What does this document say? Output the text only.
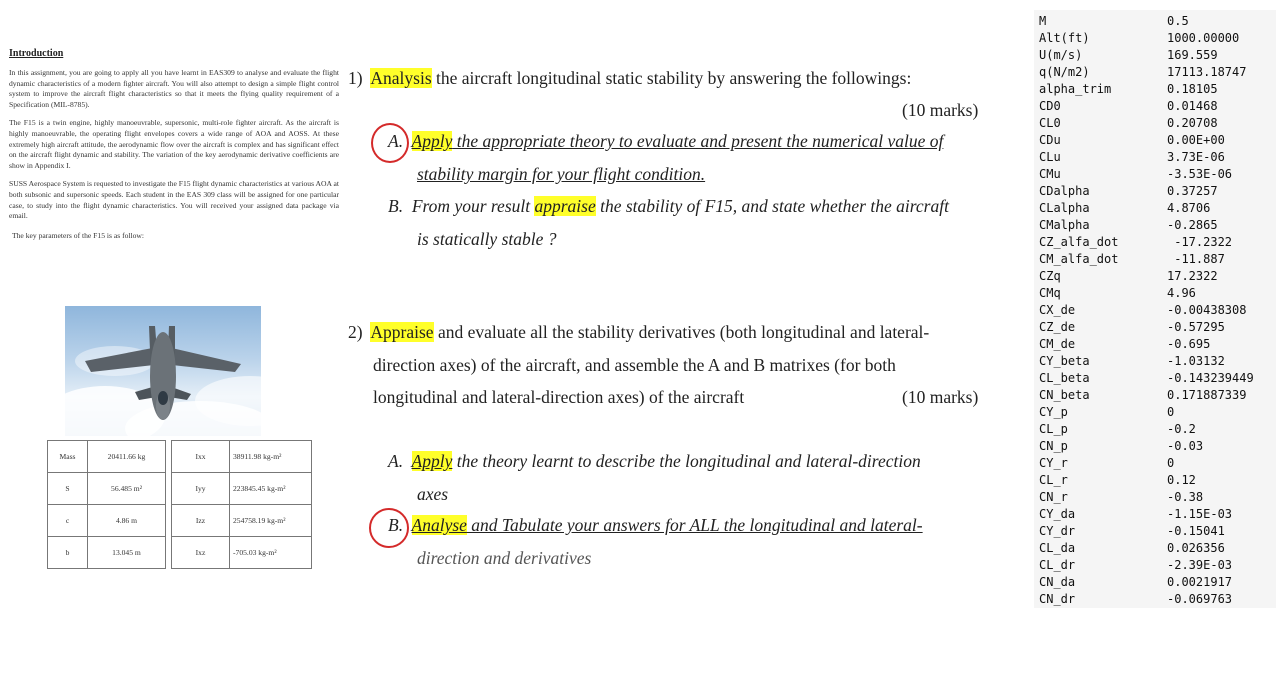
Introduction

In this assignment, you are going to apply all you have learnt in EAS309 to analyse and evaluate the flight dynamic characteristics of a modern fighter aircraft. You will also attempt to design a simple flight control system to improve the aircraft flight characteristics so that it meets the flying quality requirement of a Specification (MIL-8785).

The F15 is a twin engine, highly manoeuvrable, supersonic, multi-role fighter aircraft. As the aircraft is highly manoeuvrable, the operating flight envelopes covers a wide range of AOA and AOSS. At these extremely high aircraft attitude, the aerodynamic flow over the aircraft is complex and has significant effect on the aircraft flight dynamic and stability. The variation of the key aerodynamic derivative coefficients are show in Appendix I.

SUSS Aerospace System is requested to investigate the F15 flight dynamic characteristics at various AOA at both subsonic and supersonic speeds. Each student in the EAS 309 class will be assigned for one particular case, to study into the flight dynamic characteristics. You will received your assigned data package via email.

The key parameters of the F15 is as follow:

Mass	20411.66 kg
S	56.485 m²
c	4.86 m
b	13.045 m
Ixx	38911.98 kg-m²
Iyy	223845.45 kg-m²
Izz	254758.19 kg-m²
Ixz	-705.03 kg-m²
1) Analysis the aircraft longitudinal static stability by answering the followings:
(10 marks)
A. Apply the appropriate theory to evaluate and present the numerical value of
stability margin for your flight condition.
B. From your result appraise the stability of F15, and state whether the aircraft
is statically stable ?
2) Appraise and evaluate all the stability derivatives (both longitudinal and lateral-
direction axes) of the aircraft, and assemble the A and B matrixes (for both
longitudinal and lateral-direction axes) of the aircraft	(10 marks)
A. Apply the theory learnt to describe the longitudinal and lateral-direction
axes
B. Analyse and Tabulate your answers for ALL the longitudinal and lateral-
direction and derivatives
M	0.5
Alt(ft)	1000.00000
U(m/s)	169.559
q(N/m2)	17113.18747
alpha_trim	0.18105
CD0	0.01468
CL0	0.20708
CDu	0.00E+00
CLu	3.73E-06
CMu	-3.53E-06
CDalpha	0.37257
CLalpha	4.8706
CMalpha	-0.2865
CZ_alfa_dot	-17.2322
CM_alfa_dot	-11.887
CZq	17.2322
CMq	4.96
CX_de	-0.00438308
CZ_de	-0.57295
CM_de	-0.695
CY_beta	-1.03132
CL_beta	-0.143239449
CN_beta	0.171887339
CY_p	0
CL_p	-0.2
CN_p	-0.03
CY_r	0
CL_r	0.12
CN_r	-0.38
CY_da	-1.15E-03
CY_dr	-0.15041
CL_da	0.026356
CL_dr	-2.39E-03
CN_da	0.0021917
CN_dr	-0.069763
